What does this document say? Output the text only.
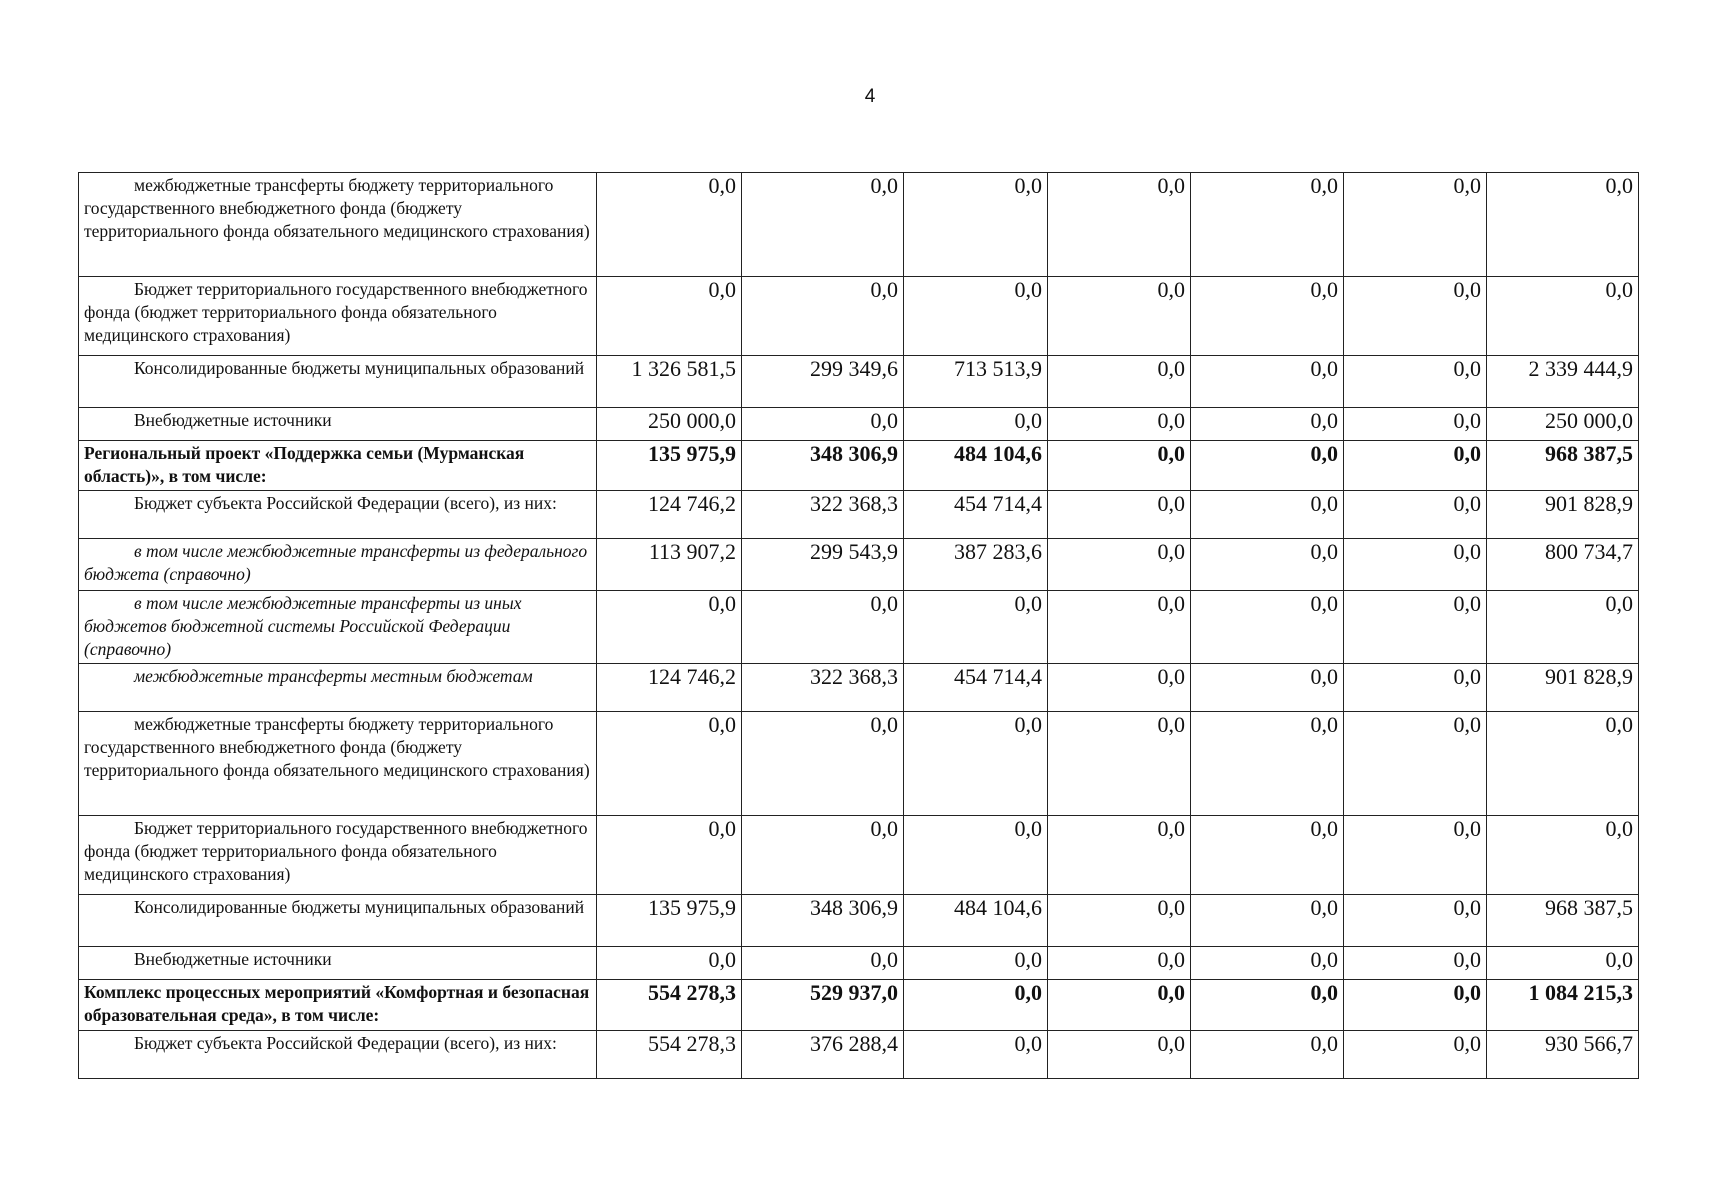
4
межбюджетные трансферты бюджету территориального государственного внебюджетного фонда (бюджету территориального фонда обязательного медицинского страхования)	0,0	0,0	0,0	0,0	0,0	0,0	0,0
Бюджет территориального государственного внебюджетного фонда (бюджет территориального фонда обязательного медицинского страхования)	0,0	0,0	0,0	0,0	0,0	0,0	0,0
Консолидированные бюджеты муниципальных образований	1 326 581,5	299 349,6	713 513,9	0,0	0,0	0,0	2 339 444,9
Внебюджетные источники	250 000,0	0,0	0,0	0,0	0,0	0,0	250 000,0
Региональный проект «Поддержка семьи (Мурманская область)», в том числе:	135 975,9	348 306,9	484 104,6	0,0	0,0	0,0	968 387,5
Бюджет субъекта Российской Федерации (всего), из них:	124 746,2	322 368,3	454 714,4	0,0	0,0	0,0	901 828,9
в том числе межбюджетные трансферты из федерального бюджета (справочно)	113 907,2	299 543,9	387 283,6	0,0	0,0	0,0	800 734,7
в том числе межбюджетные трансферты из иных бюджетов бюджетной системы Российской Федерации (справочно)	0,0	0,0	0,0	0,0	0,0	0,0	0,0
межбюджетные трансферты местным бюджетам	124 746,2	322 368,3	454 714,4	0,0	0,0	0,0	901 828,9
межбюджетные трансферты бюджету территориального государственного внебюджетного фонда (бюджету территориального фонда обязательного медицинского страхования)	0,0	0,0	0,0	0,0	0,0	0,0	0,0
Бюджет территориального государственного внебюджетного фонда (бюджет территориального фонда обязательного медицинского страхования)	0,0	0,0	0,0	0,0	0,0	0,0	0,0
Консолидированные бюджеты муниципальных образований	135 975,9	348 306,9	484 104,6	0,0	0,0	0,0	968 387,5
Внебюджетные источники	0,0	0,0	0,0	0,0	0,0	0,0	0,0
Комплекс процессных мероприятий «Комфортная и безопасная образовательная среда», в том числе:	554 278,3	529 937,0	0,0	0,0	0,0	0,0	1 084 215,3
Бюджет субъекта Российской Федерации (всего), из них:	554 278,3	376 288,4	0,0	0,0	0,0	0,0	930 566,7
